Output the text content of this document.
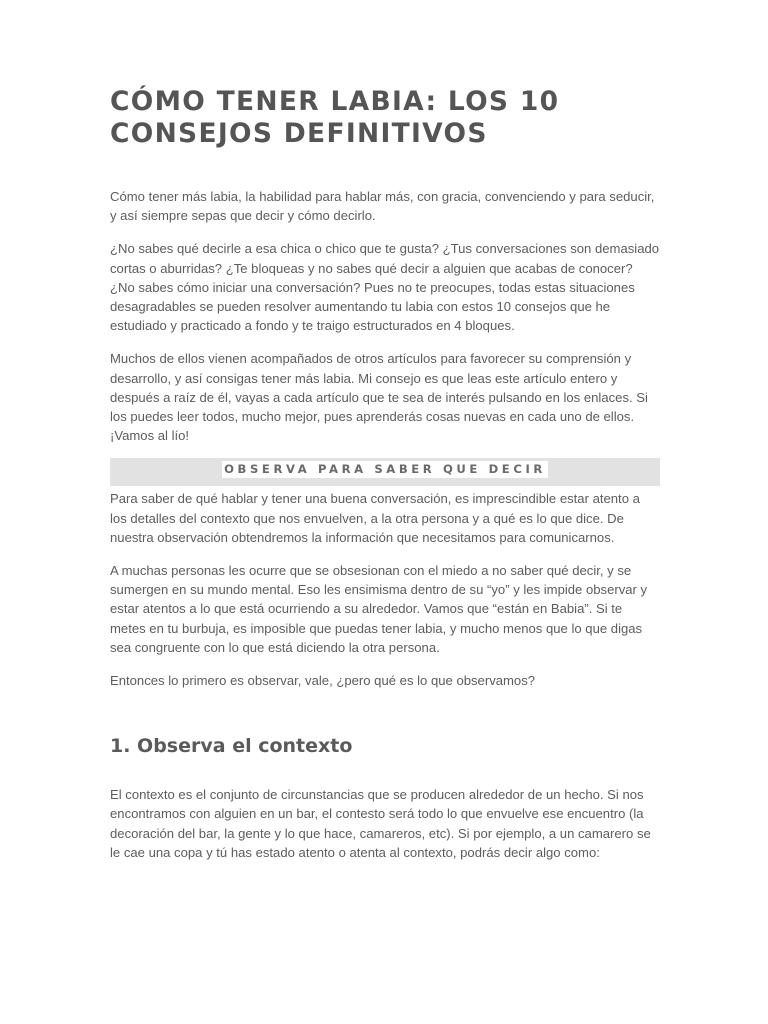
CÓMO TENER LABIA: LOS 10 CONSEJOS DEFINITIVOS

Cómo tener más labia, la habilidad para hablar más, con gracia, convenciendo y para seducir, y así siempre sepas que decir y cómo decirlo.

¿No sabes qué decirle a esa chica o chico que te gusta? ¿Tus conversaciones son demasiado cortas o aburridas? ¿Te bloqueas y no sabes qué decir a alguien que acabas de conocer? ¿No sabes cómo iniciar una conversación? Pues no te preocupes, todas estas situaciones desagradables se pueden resolver aumentando tu labia con estos 10 consejos que he estudiado y practicado a fondo y te traigo estructurados en 4 bloques.

Muchos de ellos vienen acompañados de otros artículos para favorecer su comprensión y desarrollo, y así consigas tener más labia. Mi consejo es que leas este artículo entero y después a raíz de él, vayas a cada artículo que te sea de interés pulsando en los enlaces. Si los puedes leer todos, mucho mejor, pues aprenderás cosas nuevas en cada uno de ellos. ¡Vamos al lío!

OBSERVA PARA SABER QUE DECIR

Para saber de qué hablar y tener una buena conversación, es imprescindible estar atento a los detalles del contexto que nos envuelven, a la otra persona y a qué es lo que dice. De nuestra observación obtendremos la información que necesitamos para comunicarnos.

A muchas personas les ocurre que se obsesionan con el miedo a no saber qué decir, y se sumergen en su mundo mental. Eso les ensimisma dentro de su “yo” y les impide observar y estar atentos a lo que está ocurriendo a su alrededor. Vamos que “están en Babia”. Si te metes en tu burbuja, es imposible que puedas tener labia, y mucho menos que lo que digas sea congruente con lo que está diciendo la otra persona.

Entonces lo primero es observar, vale, ¿pero qué es lo que observamos?

1. Observa el contexto

El contexto es el conjunto de circunstancias que se producen alrededor de un hecho. Si nos encontramos con alguien en un bar, el contesto será todo lo que envuelve ese encuentro (la decoración del bar, la gente y lo que hace, camareros, etc). Si por ejemplo, a un camarero se le cae una copa y tú has estado atento o atenta al contexto, podrás decir algo como:
